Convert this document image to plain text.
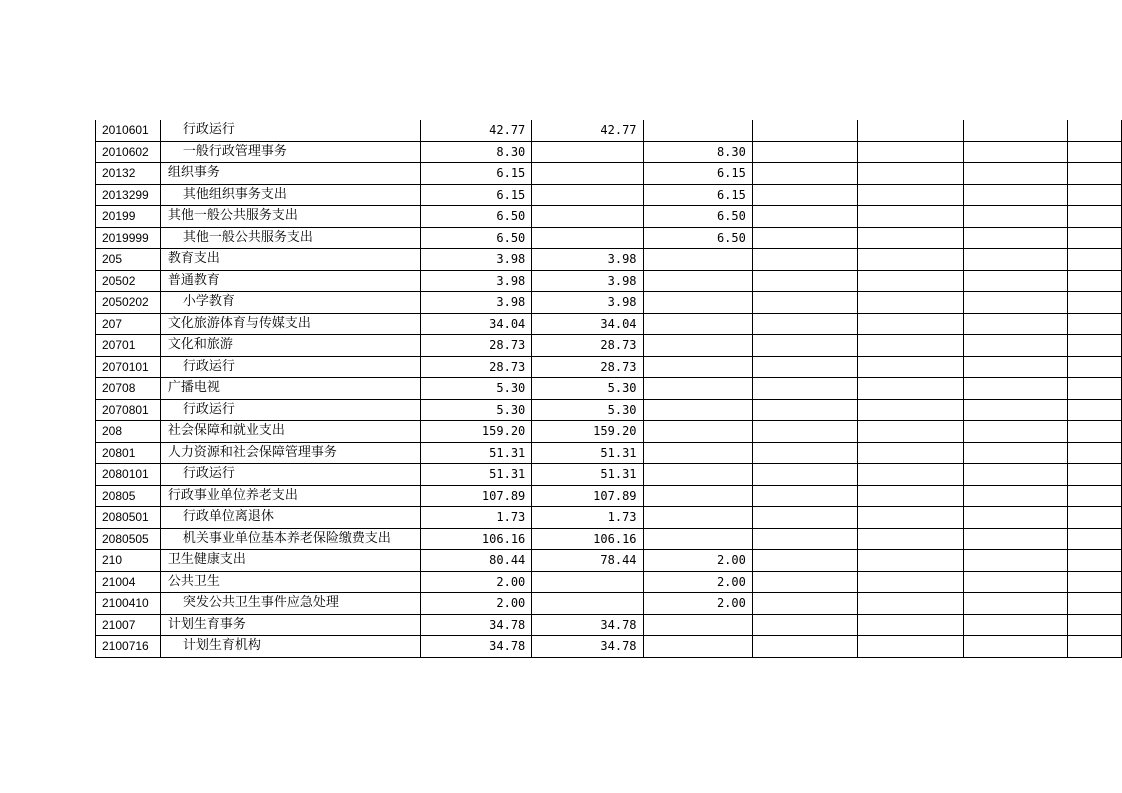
2010601	行政运行	42.77	42.77					
2010602	一般行政管理事务	8.30		8.30				
20132	组织事务	6.15		6.15				
2013299	其他组织事务支出	6.15		6.15				
20199	其他一般公共服务支出	6.50		6.50				
2019999	其他一般公共服务支出	6.50		6.50				
205	教育支出	3.98	3.98					
20502	普通教育	3.98	3.98					
2050202	小学教育	3.98	3.98					
207	文化旅游体育与传媒支出	34.04	34.04					
20701	文化和旅游	28.73	28.73					
2070101	行政运行	28.73	28.73					
20708	广播电视	5.30	5.30					
2070801	行政运行	5.30	5.30					
208	社会保障和就业支出	159.20	159.20					
20801	人力资源和社会保障管理事务	51.31	51.31					
2080101	行政运行	51.31	51.31					
20805	行政事业单位养老支出	107.89	107.89					
2080501	行政单位离退休	1.73	1.73					
2080505	机关事业单位基本养老保险缴费支出	106.16	106.16					
210	卫生健康支出	80.44	78.44	2.00				
21004	公共卫生	2.00		2.00				
2100410	突发公共卫生事件应急处理	2.00		2.00				
21007	计划生育事务	34.78	34.78					
2100716	计划生育机构	34.78	34.78					
